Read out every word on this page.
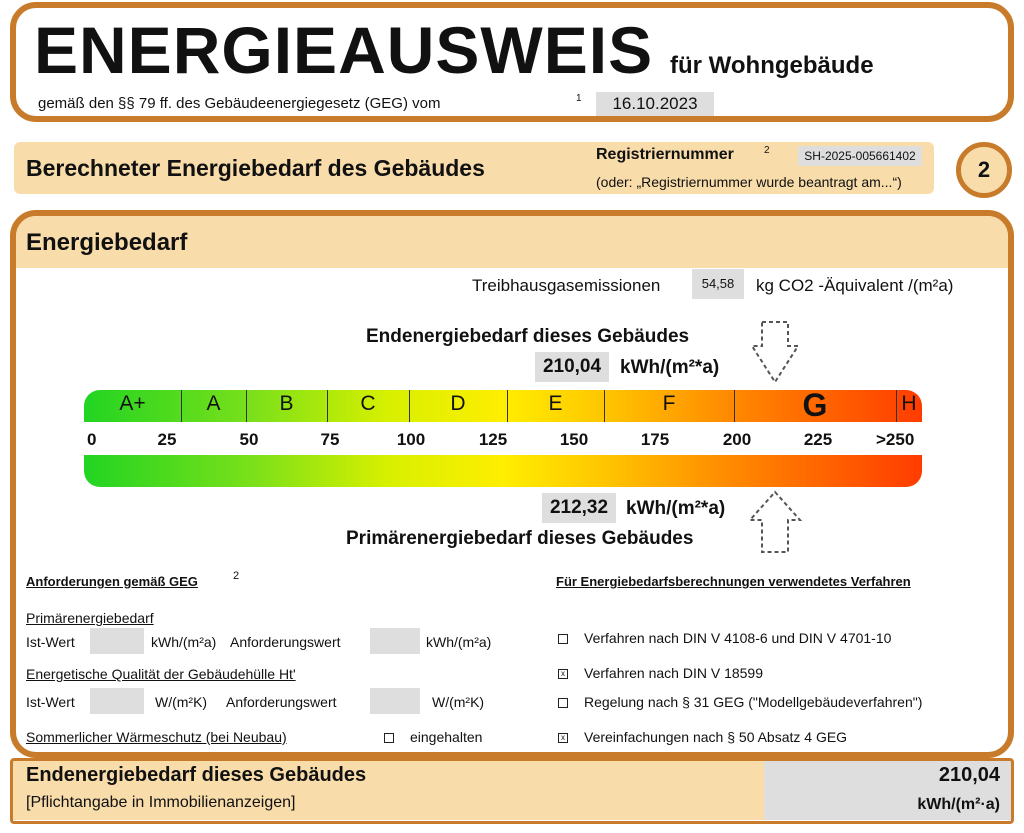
ENERGIEAUSWEIS für Wohngebäude
gemäß den §§ 79 ff. des Gebäudeenergiegesetz (GEG) vom	1	16.10.2023
Berechneter Energiebedarf des Gebäudes
Registriernummer	2	SH-2025-005661402
(oder: „Registriernummer wurde beantragt am...“)	2
Energiebedarf
Treibhausgasemissionen	54,58	kg CO2 -Äquivalent /(m²a)
Endenergiebedarf dieses Gebäudes
210,04 kWh/(m²*a)
A+	A	B	C	D	E	F	G	H
0	25	50	75	100	125	150	175	200	225	>250
212,32 kWh/(m²*a)
Primärenergiebedarf dieses Gebäudes
Anforderungen gemäß GEG	2
Primärenergiebedarf
Ist-Wert	kWh/(m²a) Anforderungswert	kWh/(m²a)
Energetische Qualität der Gebäudehülle Ht'
Ist-Wert	W/(m²K) Anforderungswert	W/(m²K)
Sommerlicher Wärmeschutz (bei Neubau)	eingehalten
Für Energiebedarfsberechnungen verwendetes Verfahren
Verfahren nach DIN V 4108-6 und DIN V 4701-10
x Verfahren nach DIN V 18599
Regelung nach § 31 GEG ("Modellgebäudeverfahren")
x Vereinfachungen nach § 50 Absatz 4 GEG
Endenergiebedarf dieses Gebäudes
[Pflichtangabe in Immobilienanzeigen]
210,04
kWh/(m²·a)
